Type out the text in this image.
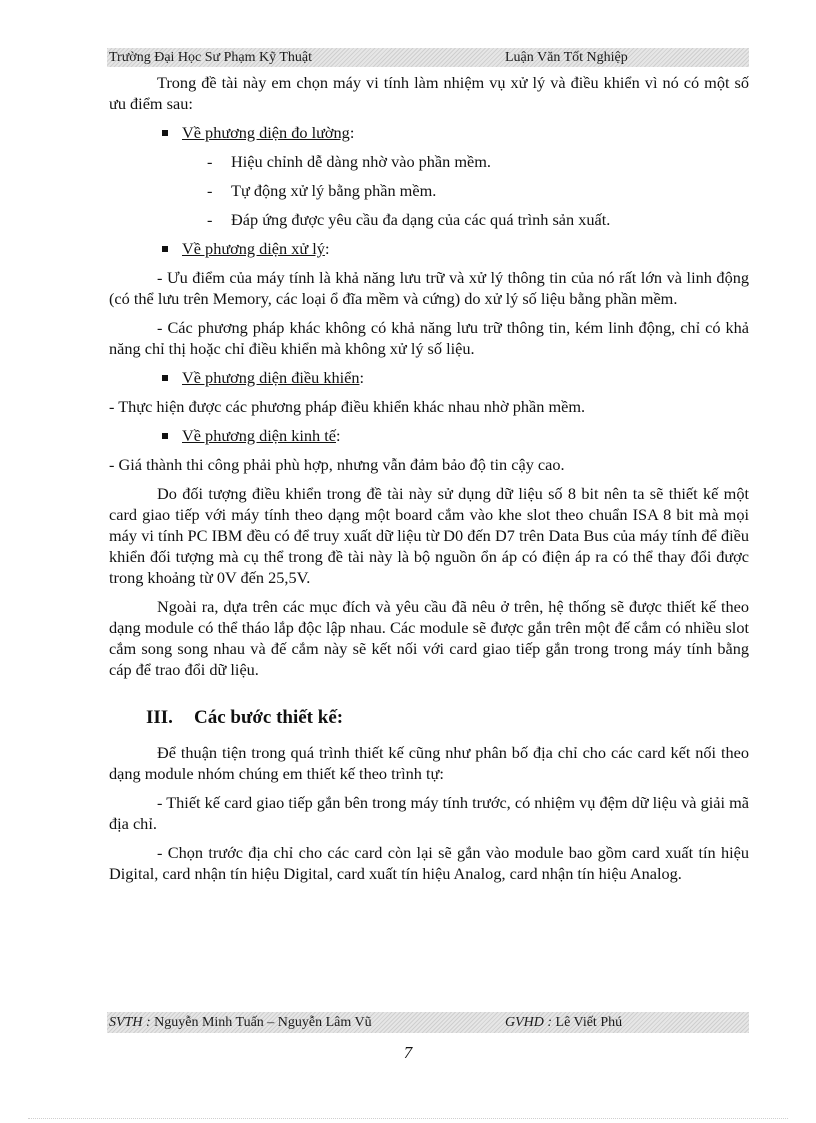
Trường Đại Học Sư Phạm Kỹ Thuật	Luận Văn Tốt Nghiệp

Trong đề tài này em chọn máy vi tính làm nhiệm vụ xử lý và điều khiển vì nó có một số ưu điểm sau:

Về phương diện đo lường :
-	Hiệu chỉnh dễ dàng nhờ vào phần mềm.
-	Tự động xử lý bằng phần mềm.
-	Đáp ứng được yêu cầu đa dạng của các quá trình sản xuất.
Về phương diện xử lý :

- Ưu điểm của máy tính là khả năng lưu trữ và xử lý thông tin của nó rất lớn và linh động (có thể lưu trên Memory, các loại ổ đĩa mềm và cứng) do xử lý số liệu bằng phần mềm.

- Các phương pháp khác không có khả năng lưu trữ thông tin, kém linh động, chỉ có khả năng chỉ thị hoặc chỉ điều khiển mà không xử lý số liệu.

Về phương diện điều khiển :

- Thực hiện được các phương pháp điều khiển khác nhau nhờ phần mềm.

Về phương diện kinh tế :

- Giá thành thi công phải phù hợp, nhưng vẫn đảm bảo độ tin cậy cao.

Do đối tượng điều khiển trong đề tài này sử dụng dữ liệu số 8 bit nên ta sẽ thiết kế một card giao tiếp với máy tính theo dạng một board cắm vào khe slot theo chuẩn ISA 8 bit mà mọi máy vi tính PC IBM đều có để truy xuất dữ liệu từ D0 đến D7 trên Data Bus của máy tính để điều khiển đối tượng mà cụ thể trong đề tài này là bộ nguồn ổn áp có điện áp ra có thể thay đổi được trong khoảng từ 0V đến 25,5V.

Ngoài ra, dựa trên các mục đích và yêu cầu đã nêu ở trên, hệ thống sẽ được thiết kế theo dạng module có thể tháo lắp độc lập nhau. Các module sẽ được gắn trên một đế cắm có nhiều slot cắm song song nhau và đế cắm này sẽ kết nối với card giao tiếp gắn trong trong máy tính bằng cáp để trao đổi dữ liệu.

III.	Các bước thiết kế:

Để thuận tiện trong quá trình thiết kế cũng như phân bố địa chỉ cho các card kết nối theo dạng module nhóm chúng em thiết kế theo trình tự:

- Thiết kế card giao tiếp gắn bên trong máy tính trước, có nhiệm vụ đệm dữ liệu và giải mã địa chỉ.

- Chọn trước địa chỉ cho các card còn lại sẽ gắn vào module bao gồm card xuất tín hiệu Digital, card nhận tín hiệu Digital, card xuất tín hiệu Analog, card nhận tín hiệu Analog.

SVTH : Nguyễn Minh Tuấn – Nguyễn Lâm Vũ	GVHD : Lê Viết Phú
7
